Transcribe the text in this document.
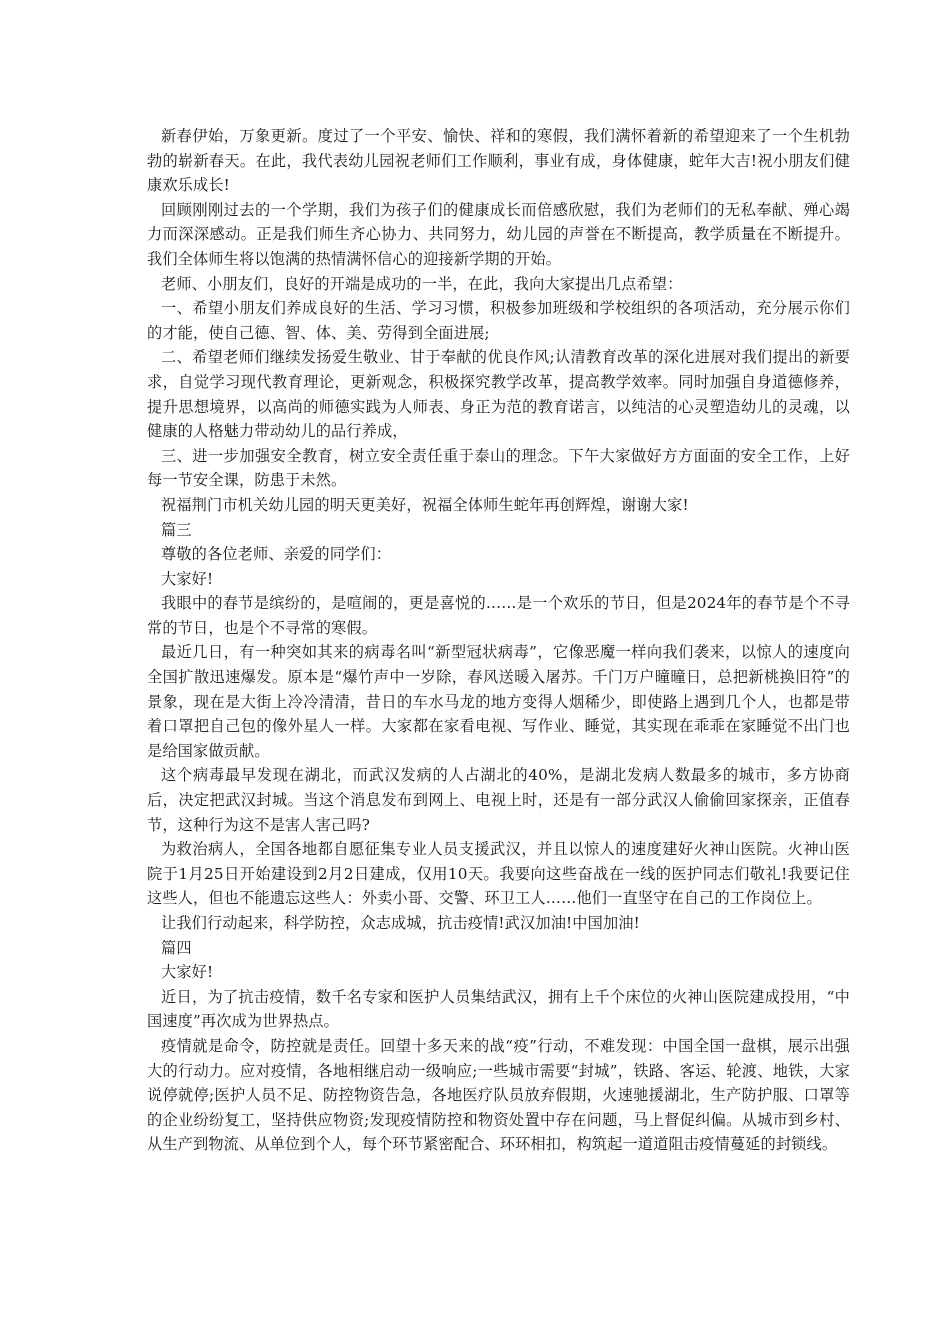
新春伊始，万象更新。度过了一个平安、愉快、祥和的寒假，我们满怀着新的希望迎来了一个生机勃勃的崭新春天。在此，我代表幼儿园祝老师们工作顺利，事业有成，身体健康，蛇年大吉!祝小朋友们健康欢乐成长!

回顾刚刚过去的一个学期，我们为孩子们的健康成长而倍感欣慰，我们为老师们的无私奉献、殚心竭力而深深感动。正是我们师生齐心协力、共同努力，幼儿园的声誉在不断提高，教学质量在不断提升。我们全体师生将以饱满的热情满怀信心的迎接新学期的开始。

老师、小朋友们，良好的开端是成功的一半，在此，我向大家提出几点希望：

一、希望小朋友们养成良好的生活、学习习惯，积极参加班级和学校组织的各项活动，充分展示你们的才能，使自己德、智、体、美、劳得到全面进展;

二、希望老师们继续发扬爱生敬业、甘于奉献的优良作风;认清教育改革的深化进展对我们提出的新要求，自觉学习现代教育理论，更新观念，积极探究教学改革，提高教学效率。同时加强自身道德修养，提升思想境界，以高尚的师德实践为人师表、身正为范的教育诺言，以纯洁的心灵塑造幼儿的灵魂，以健康的人格魅力带动幼儿的品行养成，

三、进一步加强安全教育，树立安全责任重于泰山的理念。下午大家做好方方面面的安全工作，上好每一节安全课，防患于未然。

祝福荆门市机关幼儿园的明天更美好，祝福全体师生蛇年再创辉煌，谢谢大家!

篇三

尊敬的各位老师、亲爱的同学们：

大家好!

我眼中的春节是缤纷的，是喧闹的，更是喜悦的……是一个欢乐的节日，但是2024年的春节是个不寻常的节日，也是个不寻常的寒假。

最近几日，有一种突如其来的病毒名叫“新型冠状病毒”，它像恶魔一样向我们袭来，以惊人的速度向全国扩散迅速爆发。原本是“爆竹声中一岁除，春风送暖入屠苏。千门万户曈曈日，总把新桃换旧符”的景象，现在是大街上冷冷清清，昔日的车水马龙的地方变得人烟稀少，即使路上遇到几个人，也都是带着口罩把自己包的像外星人一样。大家都在家看电视、写作业、睡觉，其实现在乖乖在家睡觉不出门也是给国家做贡献。

这个病毒最早发现在湖北，而武汉发病的人占湖北的40%，是湖北发病人数最多的城市，多方协商后，决定把武汉封城。当这个消息发布到网上、电视上时，还是有一部分武汉人偷偷回家探亲，正值春节，这种行为这不是害人害己吗?

为救治病人，全国各地都自愿征集专业人员支援武汉，并且以惊人的速度建好火神山医院。火神山医院于1月25日开始建设到2月2日建成，仅用10天。我要向这些奋战在一线的医护同志们敬礼!我要记住这些人，但也不能遗忘这些人：外卖小哥、交警、环卫工人……他们一直坚守在自己的工作岗位上。

让我们行动起来，科学防控，众志成城，抗击疫情!武汉加油!中国加油!

篇四

大家好!

近日，为了抗击疫情，数千名专家和医护人员集结武汉，拥有上千个床位的火神山医院建成投用，“中国速度”再次成为世界热点。

疫情就是命令，防控就是责任。回望十多天来的战“疫”行动，不难发现：中国全国一盘棋，展示出强大的行动力。应对疫情，各地相继启动一级响应;一些城市需要“封城”，铁路、客运、轮渡、地铁，大家说停就停;医护人员不足、防控物资告急，各地医疗队员放弃假期，火速驰援湖北，生产防护服、口罩等的企业纷纷复工，坚持供应物资;发现疫情防控和物资处置中存在问题，马上督促纠偏。从城市到乡村、从生产到物流、从单位到个人，每个环节紧密配合、环环相扣，构筑起一道道阻击疫情蔓延的封锁线。
